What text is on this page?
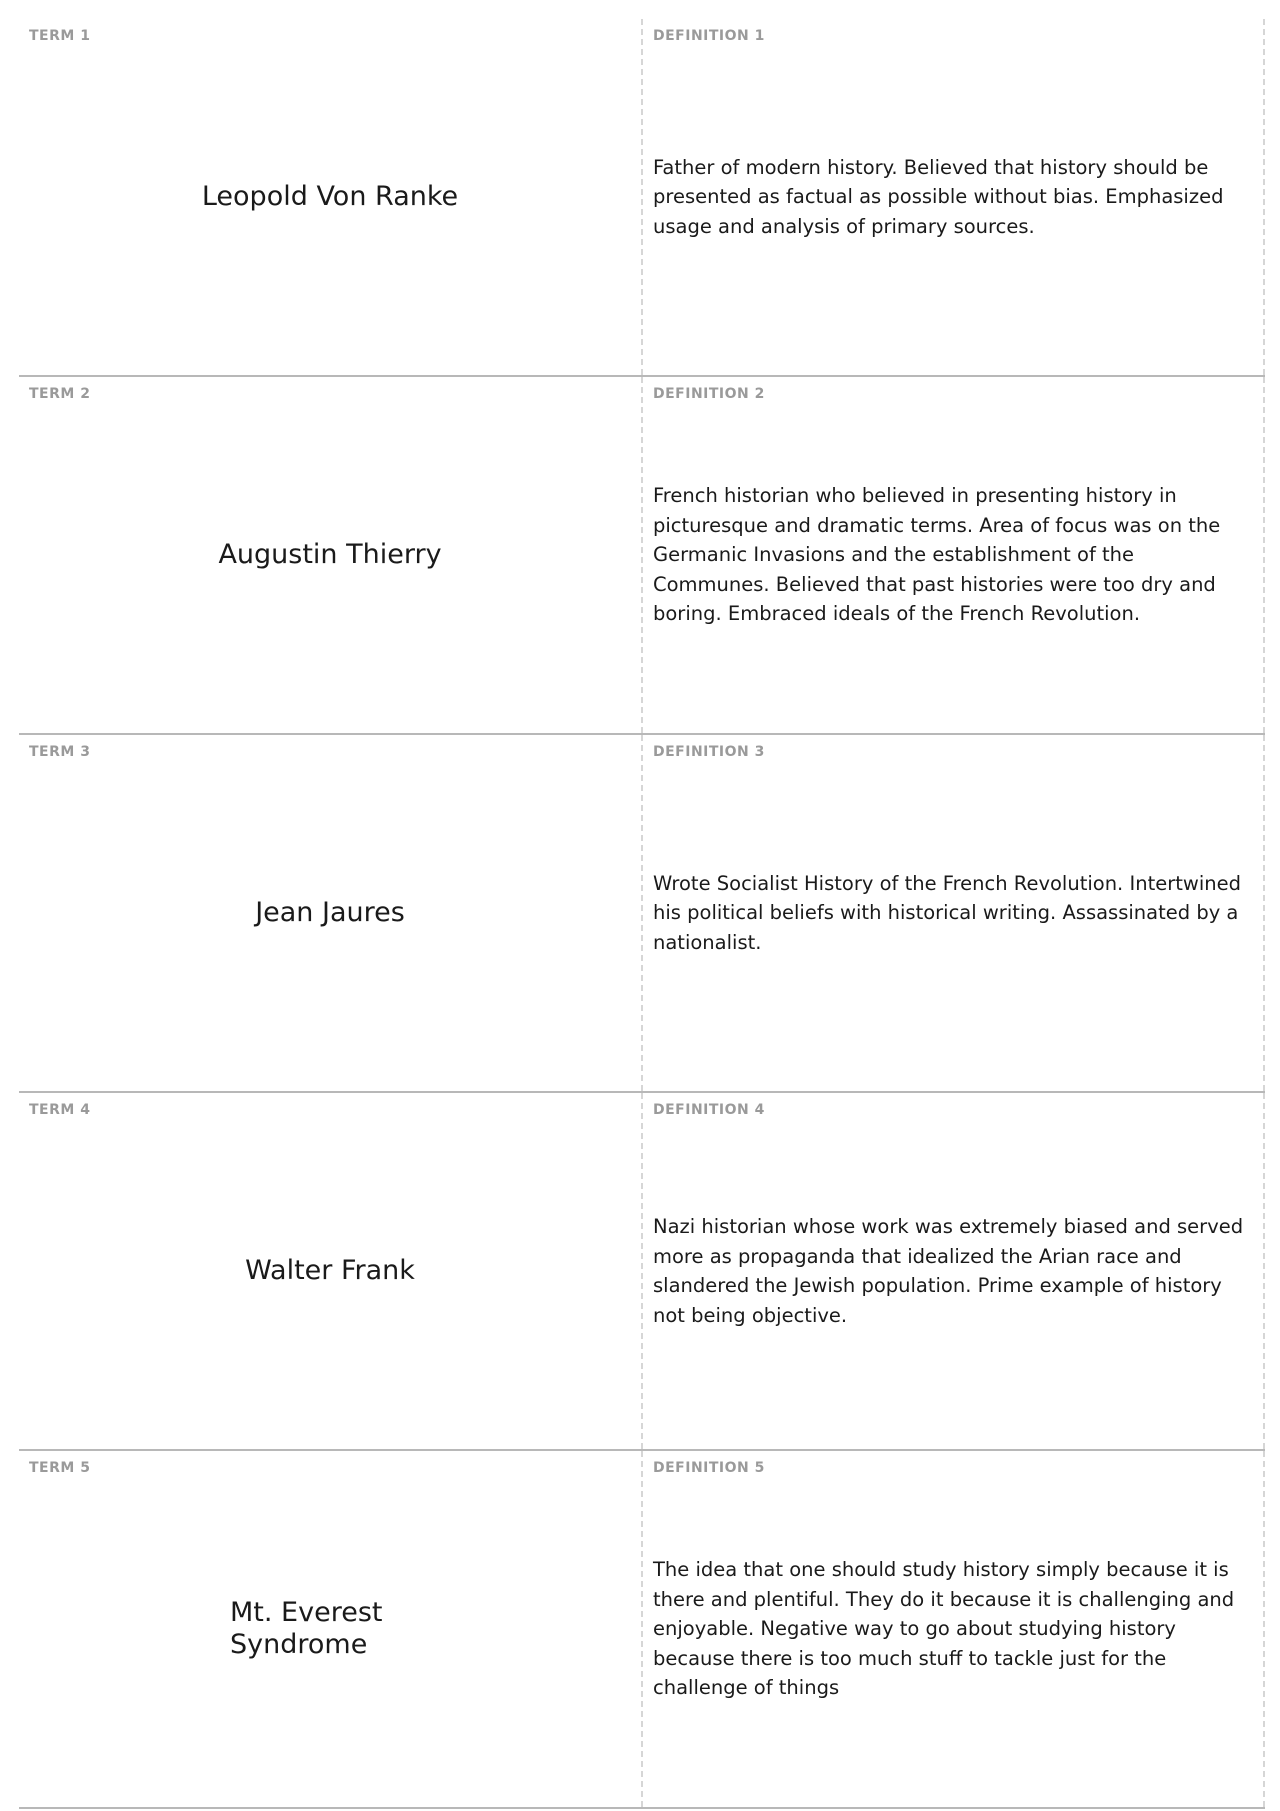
TERM 1
Leopold Von Ranke
DEFINITION 1
Father of modern history. Believed that history should be presented as factual as possible without bias. Emphasized usage and analysis of primary sources.
TERM 2
Augustin Thierry
DEFINITION 2
French historian who believed in presenting history in picturesque and dramatic terms. Area of focus was on the Germanic Invasions and the establishment of the Communes. Believed that past histories were too dry and boring. Embraced ideals of the French Revolution.
TERM 3
Jean Jaures
DEFINITION 3
Wrote Socialist History of the French Revolution. Intertwined his political beliefs with historical writing. Assassinated by a nationalist.
TERM 4
Walter Frank
DEFINITION 4
Nazi historian whose work was extremely biased and served more as propaganda that idealized the Arian race and slandered the Jewish population. Prime example of history not being objective.
TERM 5
Mt. Everest Syndrome
DEFINITION 5
The idea that one should study history simply because it is there and plentiful. They do it because it is challenging and enjoyable. Negative way to go about studying history because there is too much stuff to tackle just for the challenge of things
